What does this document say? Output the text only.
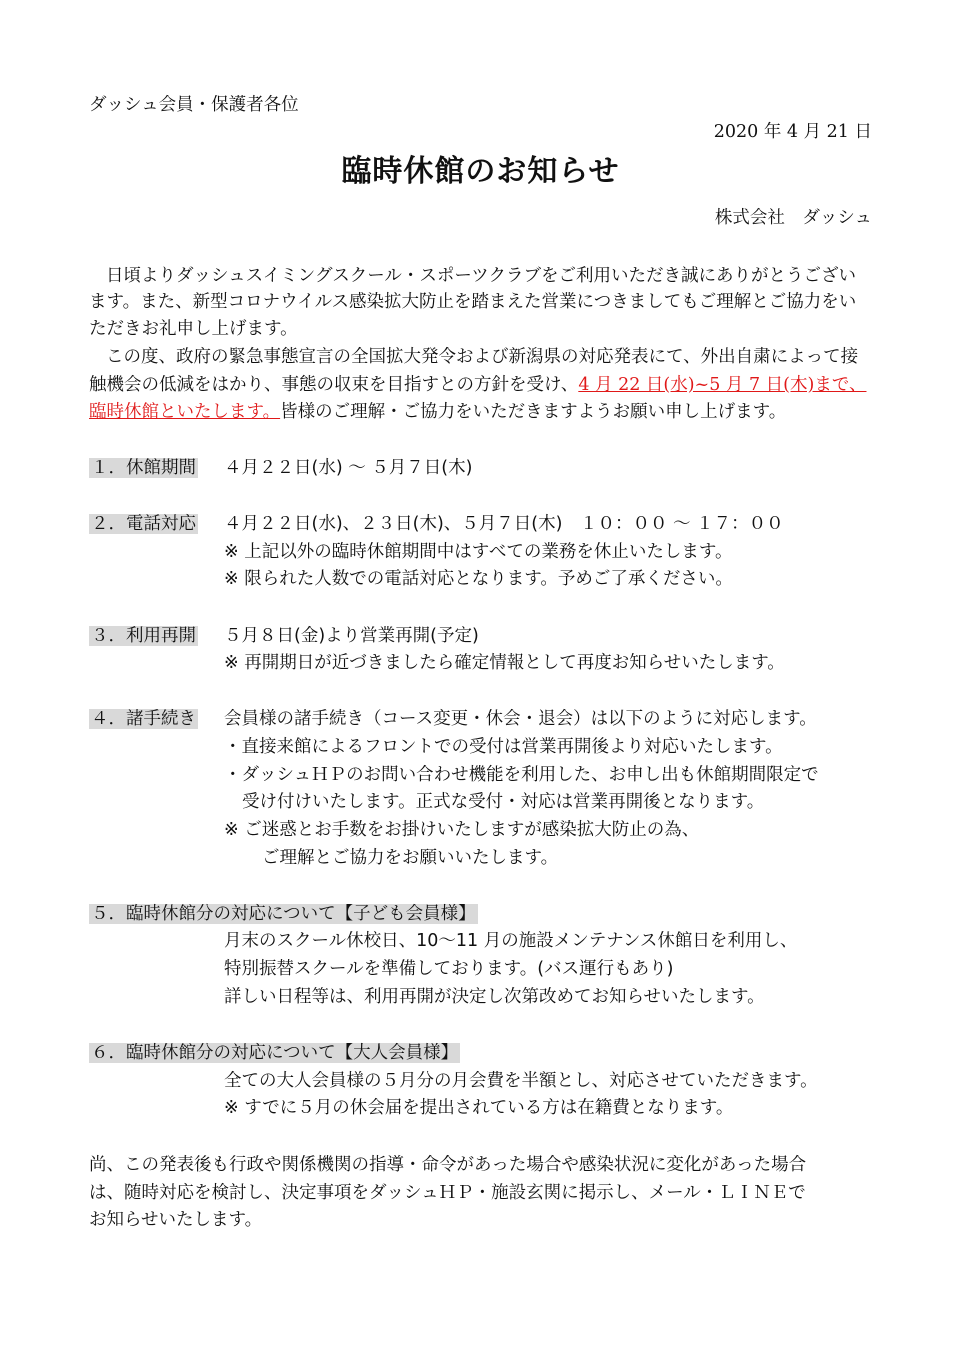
ダッシュ会員・保護者各位
2020 年 4 月 21 日
臨時休館のお知らせ
株式会社　ダッシュ
日頃よりダッシュスイミングスクール・スポーツクラブをご利用いただき誠にありがとうござい
ます。また、新型コロナウイルス感染拡大防止を踏まえた営業につきましてもご理解とご協力をい
ただきお礼申し上げます。
この度、政府の緊急事態宣言の全国拡大発令および新潟県の対応発表にて、外出自粛によって接
触機会の低減をはかり、事態の収束を目指すとの方針を受け、4 月 22 日(水)~5 月 7 日(木)まで、
臨時休館といたします。皆様のご理解・ご協力をいただきますようお願い申し上げます。
１．休館期間 ４月２２日(水) ～ ５月７日(木)
２．電話対応 ４月２２日(水)、２３日(木)、５月７日(木)　１０：００ ～ １７：００
※ 上記以外の臨時休館期間中はすべての業務を休止いたします。
※ 限られた人数での電話対応となります。予めご了承ください。
３．利用再開 ５月８日(金)より営業再開(予定)
※ 再開期日が近づきましたら確定情報として再度お知らせいたします。
４．諸手続き 会員様の諸手続き（コース変更・休会・退会）は以下のように対応します。
・直接来館によるフロントでの受付は営業再開後より対応いたします。
・ダッシュＨＰのお問い合わせ機能を利用した、お申し出も休館期間限定で
受け付けいたします。正式な受付・対応は営業再開後となります。
※ ご迷惑とお手数をお掛けいたしますが感染拡大防止の為、
ご理解とご協力をお願いいたします。
５．臨時休館分の対応について【子ども会員様】
月末のスクール休校日、10～11 月の施設メンテナンス休館日を利用し、
特別振替スクールを準備しております。(バス運行もあり)
詳しい日程等は、利用再開が決定し次第改めてお知らせいたします。
６．臨時休館分の対応について【大人会員様】
全ての大人会員様の５月分の月会費を半額とし、対応させていただきます。
※ すでに５月の休会届を提出されている方は在籍費となります。
尚、この発表後も行政や関係機関の指導・命令があった場合や感染状況に変化があった場合
は、随時対応を検討し、決定事項をダッシュＨＰ・施設玄関に掲示し、メール・ＬＩＮＥで
お知らせいたします。
